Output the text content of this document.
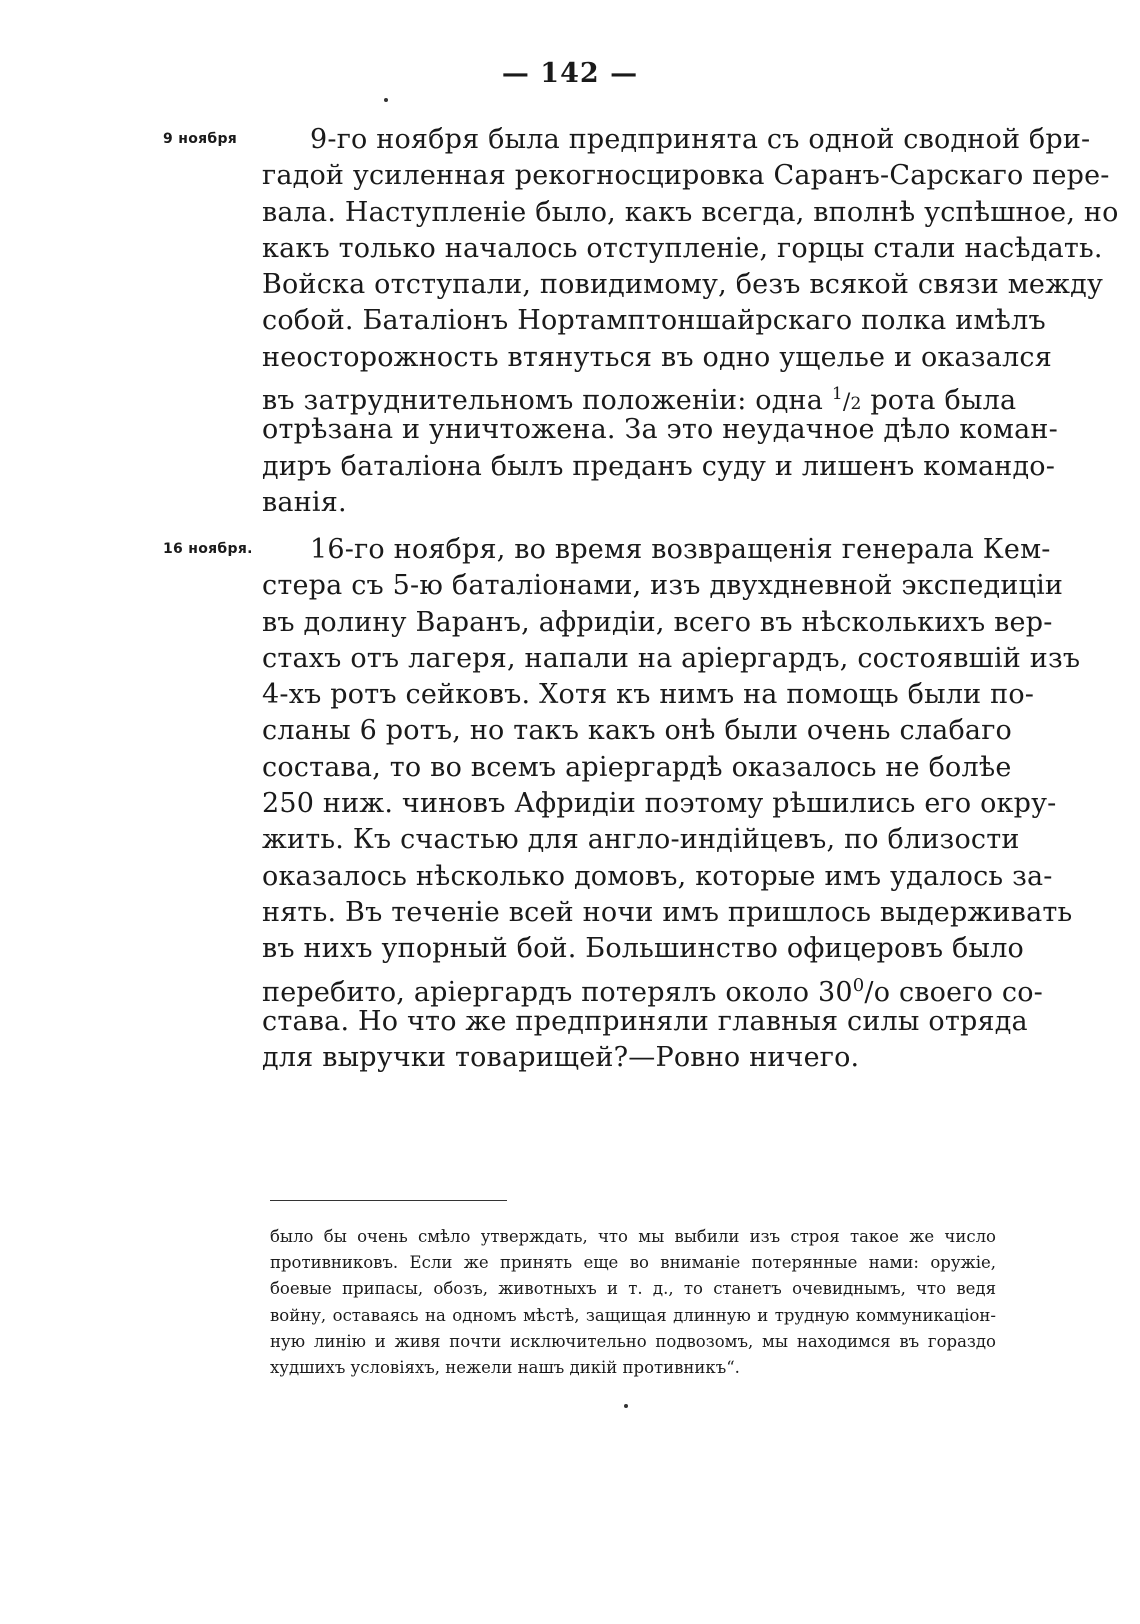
— 142 —
9 ноября	9-го ноября была предпринята съ одной сводной бри-
гадой усиленная рекогносцировка Саранъ-Сарскаго пере-
вала. Наступленіе было, какъ всегда, вполнѣ успѣшное, но
какъ только началось отступленіе, горцы стали насѣдать.
Войска отступали, повидимому, безъ всякой связи между
собой. Баталіонъ Нортамптоншайрскаго полка имѣлъ
неосторожность втянуться въ одно ущелье и оказался
въ затруднительномъ положеніи: одна $^1$/2 рота была
отрѣзана и уничтожена. За это неудачное дѣло коман-
диръ баталіона былъ преданъ суду и лишенъ командо-
ванія.
16 ноября.	16-го ноября, во время возвращенія генерала Кем-
стера съ 5-ю баталіонами, изъ двухдневной экспедиціи
въ долину Варанъ, афридіи, всего въ нѣсколькихъ вер-
стахъ отъ лагеря, напали на аріергардъ, состоявшій изъ
4-хъ ротъ сейковъ. Хотя къ нимъ на помощь были по-
сланы 6 ротъ, но такъ какъ онѣ были очень слабаго
состава, то во всемъ аріергардѣ оказалось не болѣе
250 ниж. чиновъ Афридіи поэтому рѣшились его окру-
жить. Къ счастью для англо-индійцевъ, по близости
оказалось нѣсколько домовъ, которые имъ удалось за-
нять. Въ теченіе всей ночи имъ пришлось выдерживать
въ нихъ упорный бой. Большинство офицеровъ было
перебито, аріергардъ потерялъ около $30^0/o$ своего со-
става. Но что же предприняли главныя силы отряда
для выручки товарищей?—Ровно ничего.
было бы очень смѣло утверждать, что мы выбили изъ строя такое же число
противниковъ. Если же принять еще во вниманіе потерянные нами: оружіе,
боевые припасы, обозъ, животныхъ и т. д., то станетъ очевиднымъ, что ведя
войну, оставаясь на одномъ мѣстѣ, защищая длинную и трудную коммуникаціон-
ную линію и живя почти исключительно подвозомъ, мы находимся въ гораздо
худшихъ условіяхъ, нежели нашъ дикій противникъ“.
